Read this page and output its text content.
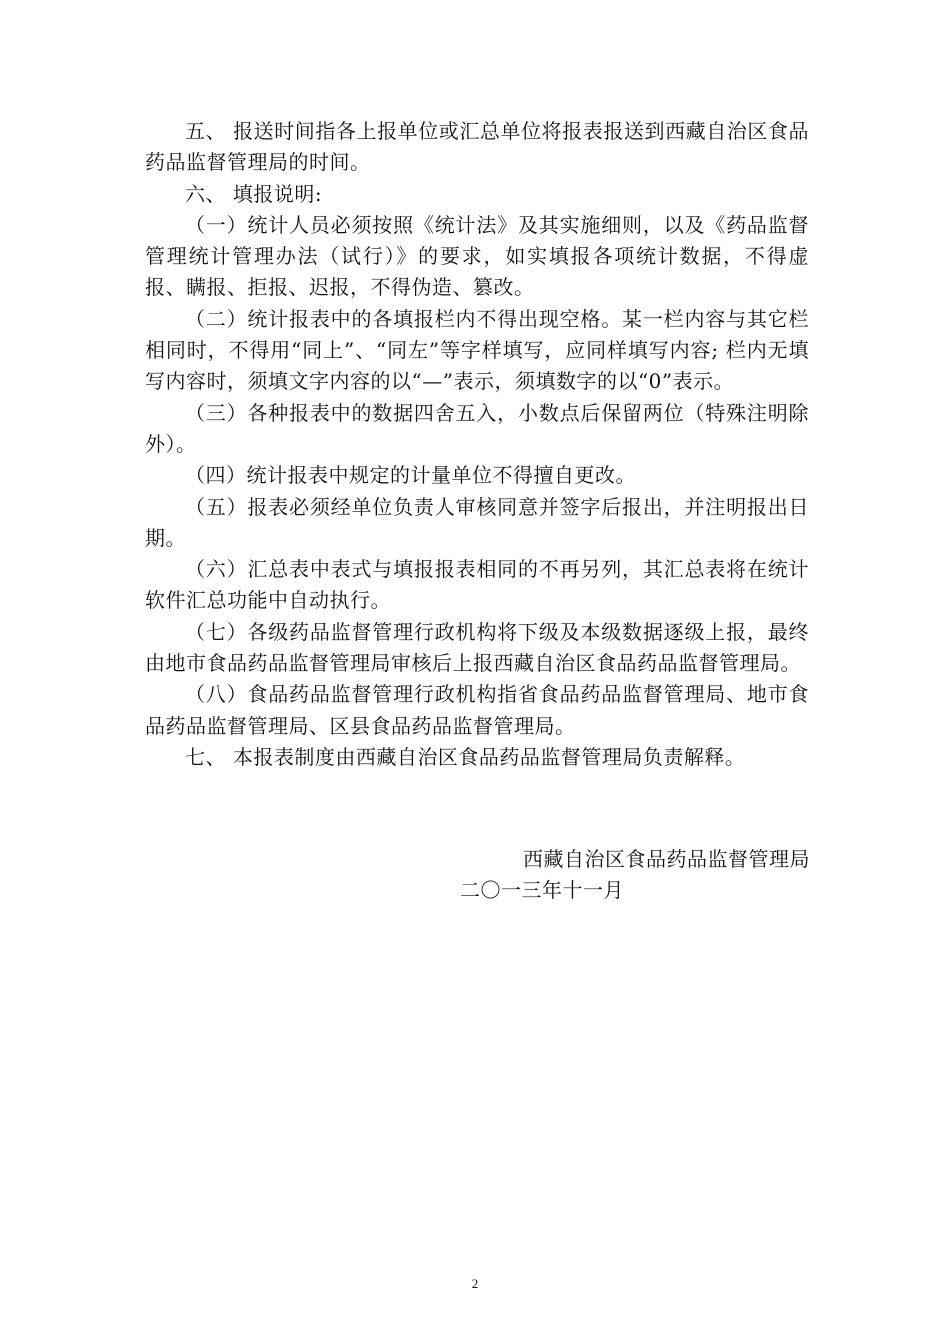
五、 报送时间指各上报单位或汇总单位将报表报送到西藏自治区食品药品监督管理局的时间。

六、 填报说明:

（一）统计人员必须按照《统计法》及其实施细则，以及《药品监督管理统计管理办法（试行）》的要求，如实填报各项统计数据，不得虚报、瞒报、拒报、迟报，不得伪造、篡改。

（二）统计报表中的各填报栏内不得出现空格。某一栏内容与其它栏相同时，不得用“同上”、“同左”等字样填写，应同样填写内容; 栏内无填写内容时，须填文字内容的以“—”表示，须填数字的以“0”表示。

（三）各种报表中的数据四舍五入，小数点后保留两位（特殊注明除外）。

（四）统计报表中规定的计量单位不得擅自更改。

（五）报表必须经单位负责人审核同意并签字后报出，并注明报出日期。

（六）汇总表中表式与填报报表相同的不再另列，其汇总表将在统计软件汇总功能中自动执行。

（七）各级药品监督管理行政机构将下级及本级数据逐级上报，最终由地市食品药品监督管理局审核后上报西藏自治区食品药品监督管理局。

（八）食品药品监督管理行政机构指省食品药品监督管理局、地市食品药品监督管理局、区县食品药品监督管理局。

七、 本报表制度由西藏自治区食品药品监督管理局负责解释。

西藏自治区食品药品监督管理局
二〇一三年十一月
2
